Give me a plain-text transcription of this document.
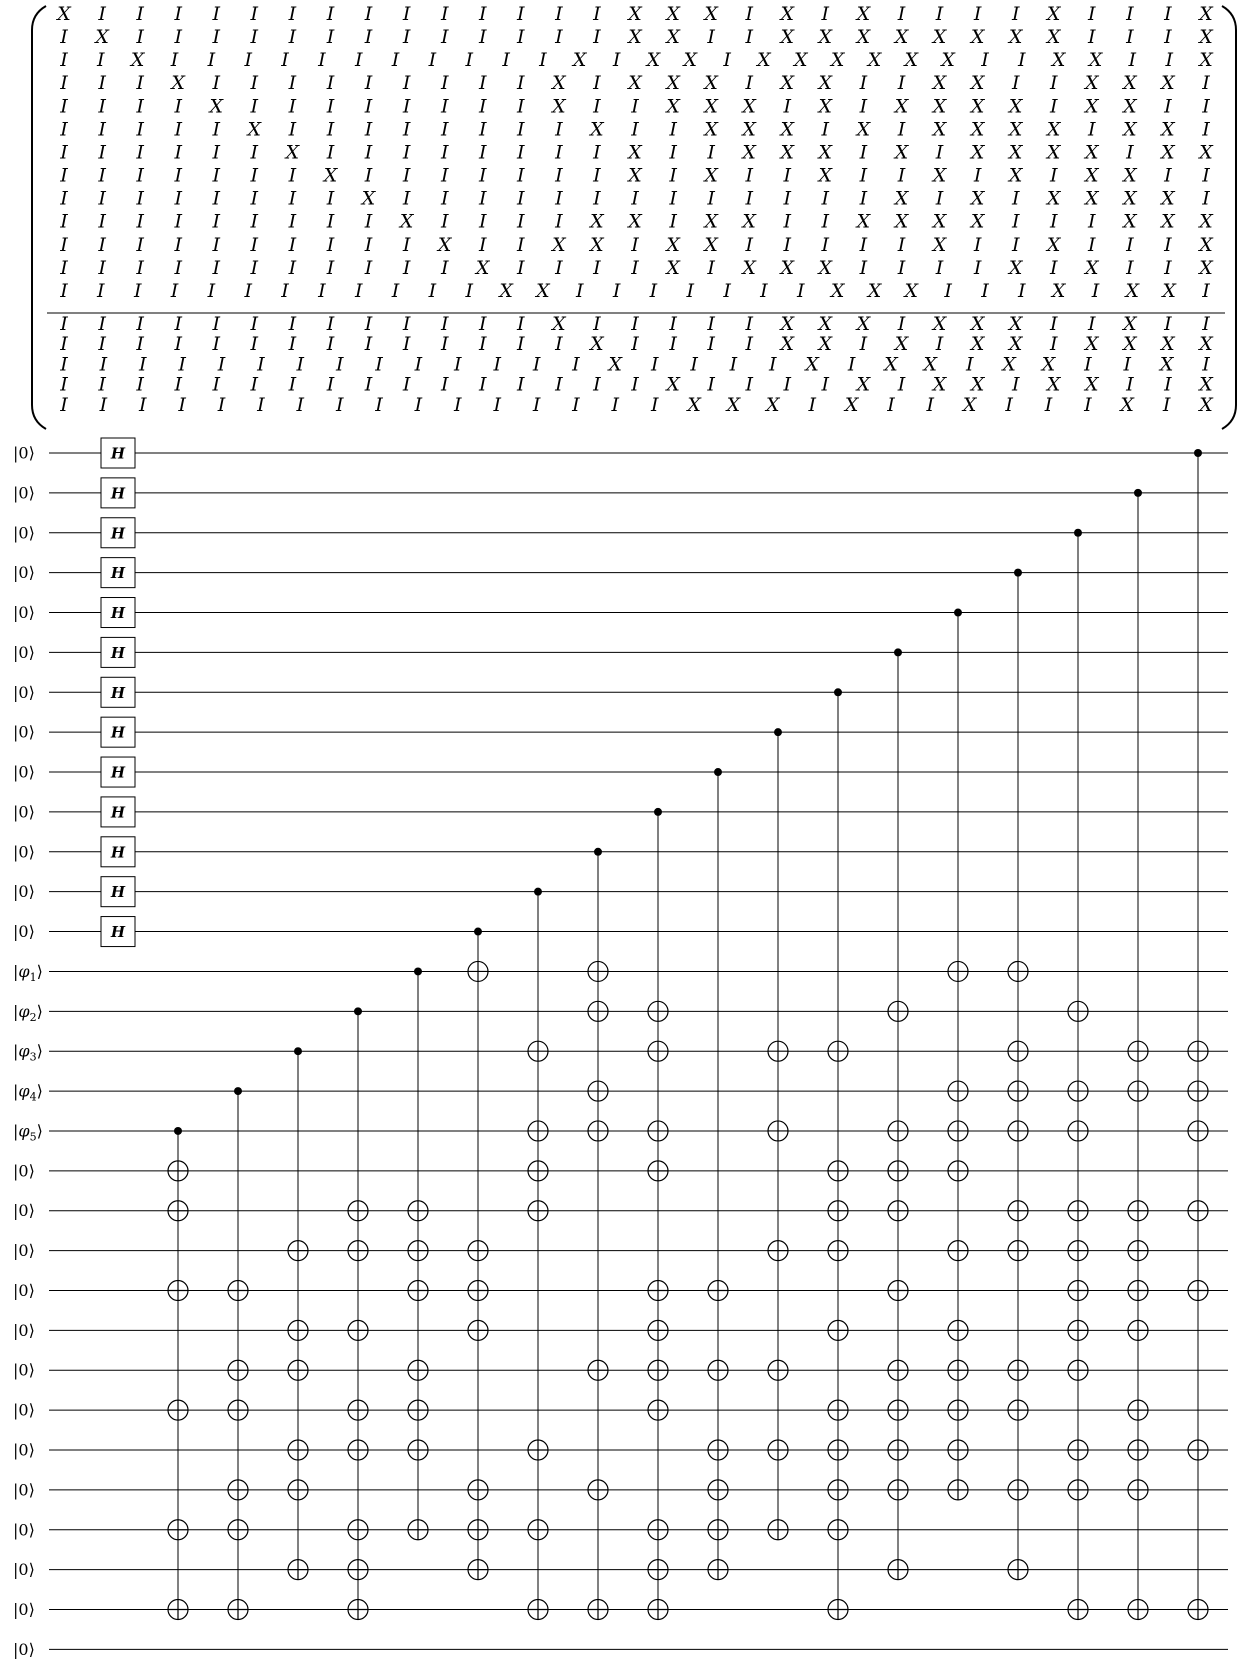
X I I I I I I I I I I I I I I X X X I X I X I I I I X I I I X
I X I I I I I I I I I I I I I X X I I X X X X X X X X I I I X
I I X I I I I I I I I I I I X I X X I X X X X X X I I X X I I X
I I I X I I I I I I I I I X I X X X I X X I I X X I I X X X I
I I I I X I I I I I I I I X I I X X X I X I X X X X I X X I I
I I I I I X I I I I I I I I X I I X X X I X I X X X X I X X I
I I I I I I X I I I I I I I I X I I X X X I X I X X X X I X X
I I I I I I I X I I I I I I I X I X I I X I I X I X I X X I I
I I I I I I I I X I I I I I I I I I I I I I X I X I X X X X I
I I I I I I I I I X I I I I X X I X X I I X X X X I I I X X X
I I I I I I I I I I X I I X X I X X I I I I I X I I X I I I X
I I I I I I I I I I I X I I I I X I X X X I I I I X I X I I X
I I I I I I I I I I I I X X I I I I I I I X X X I I I X I X X I
I I I I I I I I I I I I I X I I I I I X X X I X X X I I X I I
I I I I I I I I I I I I I I X I I I I X X I X I X X I X X X X
I I I I I I I I I I I I I I X I I I I X I X X I X X I I X I
I I I I I I I I I I I I I I I I X I I I I X I X X I X X I I X
I I I I I I I I I I I I I I I I X X X I X I I X I I I X I X
|0⟩
|0⟩
|0⟩
|0⟩
|0⟩
|0⟩
|0⟩
|0⟩
|0⟩
|0⟩
|0⟩
|0⟩
|0⟩
$|\varphi_1⟩$
$|\varphi_2⟩$
$|\varphi_3⟩$
$|\varphi_4⟩$
$|\varphi_5⟩$
|0⟩
|0⟩
|0⟩
|0⟩
|0⟩
|0⟩
|0⟩
|0⟩
|0⟩
|0⟩
|0⟩
|0⟩
|0⟩
H
H
H
H
H
H
H
H
H
H
H
H
H
